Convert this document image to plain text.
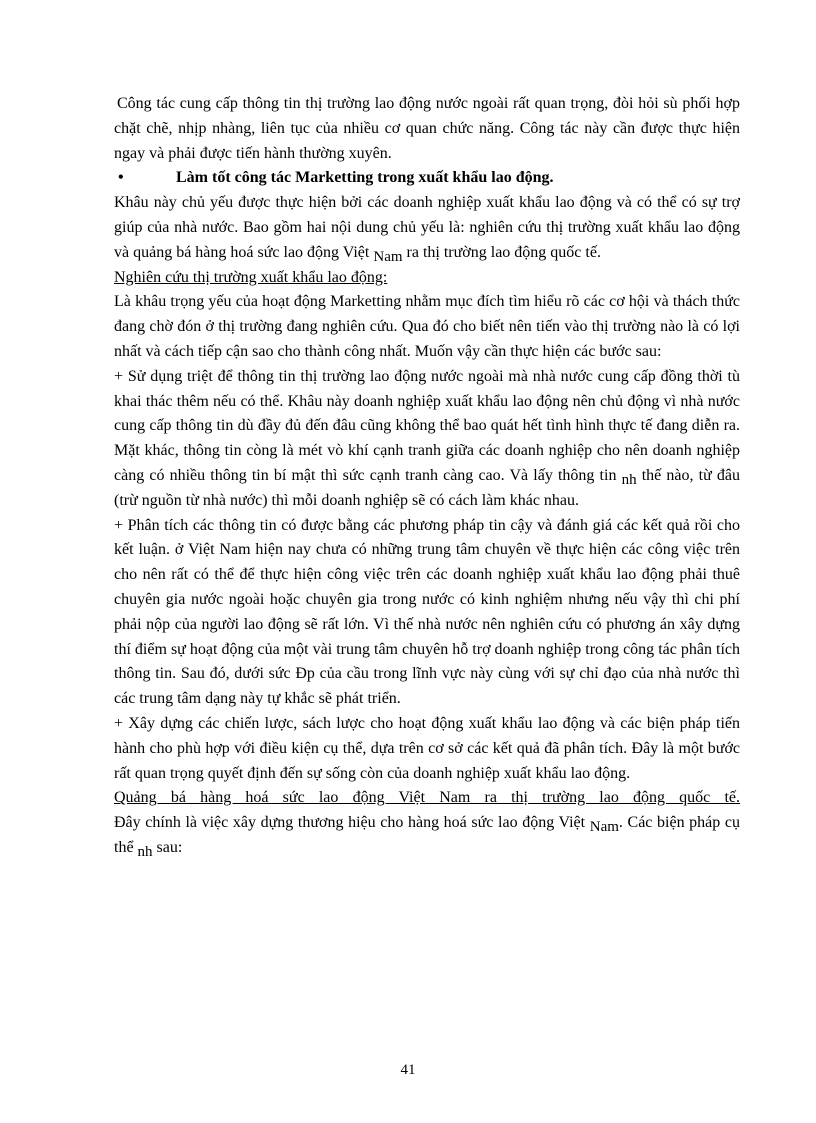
Công tác cung cấp thông tin thị trường lao động nước ngoài rất quan trọng, đòi hỏi sù phối hợp chặt chẽ, nhịp nhàng, liên tục của nhiều cơ quan chức năng. Công tác này cần được thực hiện ngay và phải được tiến hành thường xuyên.

•	Làm tốt công tác Marketting trong xuất khẩu lao động.

Khâu này chủ yếu được thực hiện bởi các doanh nghiệp xuất khẩu lao động và có thể có sự trợ giúp của nhà nước. Bao gồm hai nội dung chủ yếu là: nghiên cứu thị trường xuất khẩu lao động và quảng bá hàng hoá sức lao động Việt Nam ra thị trường lao động quốc tế.

Nghiên cứu thị trường xuất khẩu lao động:

Là khâu trọng yếu của hoạt động Marketting nhằm mục đích tìm hiểu rõ các cơ hội và thách thức đang chờ đón ở thị trường đang nghiên cứu. Qua đó cho biết nên tiến vào thị trường nào là có lợi nhất và cách tiếp cận sao cho thành công nhất. Muốn vậy cần thực hiện các bước sau:

+ Sử dụng triệt để thông tin thị trường lao động nước ngoài mà nhà nước cung cấp đồng thời tù khai thác thêm nếu có thể. Khâu này doanh nghiệp xuất khẩu lao động nên chủ động vì nhà nước cung cấp thông tin dù đầy đủ đến đâu cũng không thể bao quát hết tình hình thực tế đang diễn ra. Mặt khác, thông tin còng là mét vò khí cạnh tranh giữa các doanh nghiệp cho nên doanh nghiệp càng có nhiều thông tin bí mật thì sức cạnh tranh càng cao. Và lấy thông tin nh thế nào, từ đâu (trừ nguồn từ nhà nước) thì mỗi doanh nghiệp sẽ có cách làm khác nhau.

+ Phân tích các thông tin có được bằng các phương pháp tin cậy và đánh giá các kết quả rồi cho kết luận. ở Việt Nam hiện nay chưa có những trung tâm chuyên về thực hiện các công việc trên cho nên rất có thể để thực hiện công việc trên các doanh nghiệp xuất khẩu lao động phải thuê chuyên gia nước ngoài hoặc chuyên gia trong nước có kinh nghiệm nhưng nếu vậy thì chi phí phải nộp của người lao động sẽ rất lớn. Vì thế nhà nước nên nghiên cứu có phương án xây dựng thí điểm sự hoạt động của một vài trung tâm chuyên hỗ trợ doanh nghiệp trong công tác phân tích thông tin. Sau đó, dưới sức Ðp của cầu trong lĩnh vực này cùng với sự chỉ đạo của nhà nước thì các trung tâm dạng này tự khắc sẽ phát triển.

+ Xây dựng các chiến lược, sách lược cho hoạt động xuất khẩu lao động và các biện pháp tiến hành cho phù hợp với điều kiện cụ thể, dựa trên cơ sở các kết quả đã phân tích. Đây là một bước rất quan trọng quyết định đến sự sống còn của doanh nghiệp xuất khẩu lao động.

Quảng bá hàng hoá sức lao động Việt Nam ra thị trường lao động quốc tế.

Đây chính là việc xây dựng thương hiệu cho hàng hoá sức lao động Việt Nam. Các biện pháp cụ thể nh sau:

41
